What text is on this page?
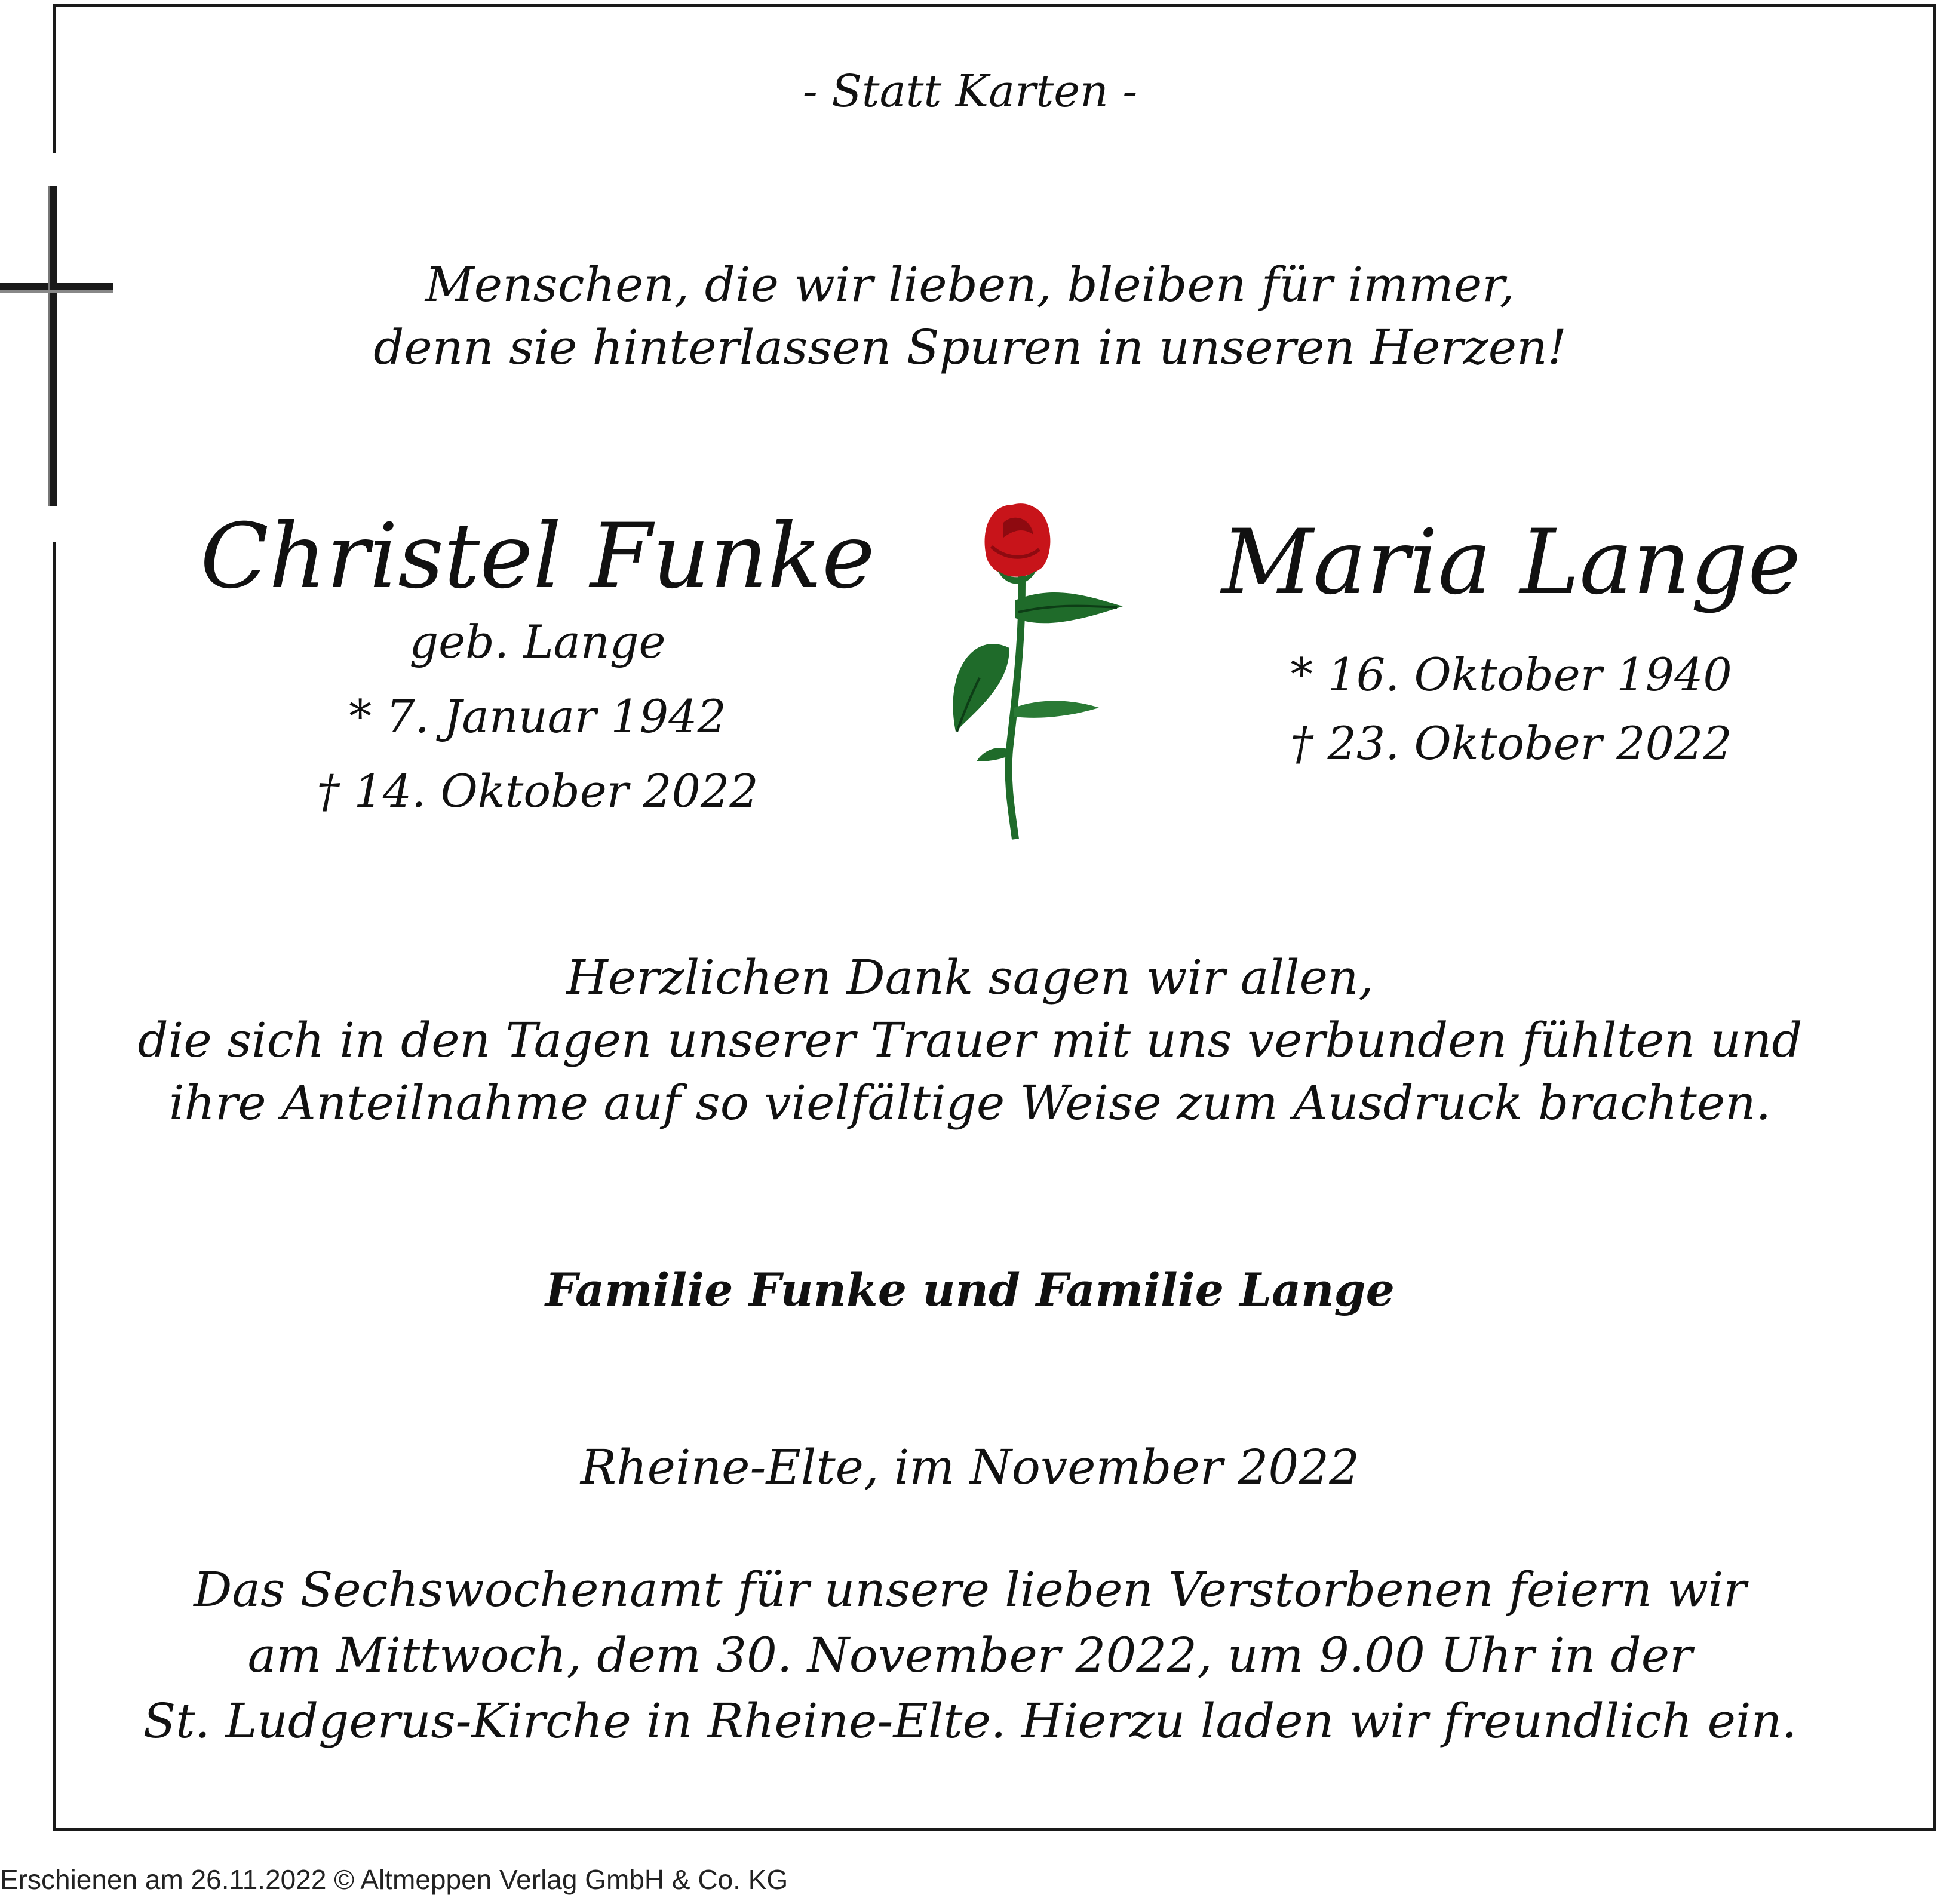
- Statt Karten -
Menschen, die wir lieben, bleiben für immer,
denn sie hinterlassen Spuren in unseren Herzen!
Christel Funke
geb. Lange
* 7. Januar 1942
† 14. Oktober 2022
Maria Lange
* 16. Oktober 1940
† 23. Oktober 2022
Herzlichen Dank sagen wir allen,
die sich in den Tagen unserer Trauer mit uns verbunden fühlten und
ihre Anteilnahme auf so vielfältige Weise zum Ausdruck brachten.
Familie Funke und Familie Lange
Rheine-Elte, im November 2022
Das Sechswochenamt für unsere lieben Verstorbenen feiern wir
am Mittwoch, dem 30. November 2022, um 9.00 Uhr in der
St. Ludgerus-Kirche in Rheine-Elte. Hierzu laden wir freundlich ein.
Erschienen am 26.11.2022 © Altmeppen Verlag GmbH & Co. KG
